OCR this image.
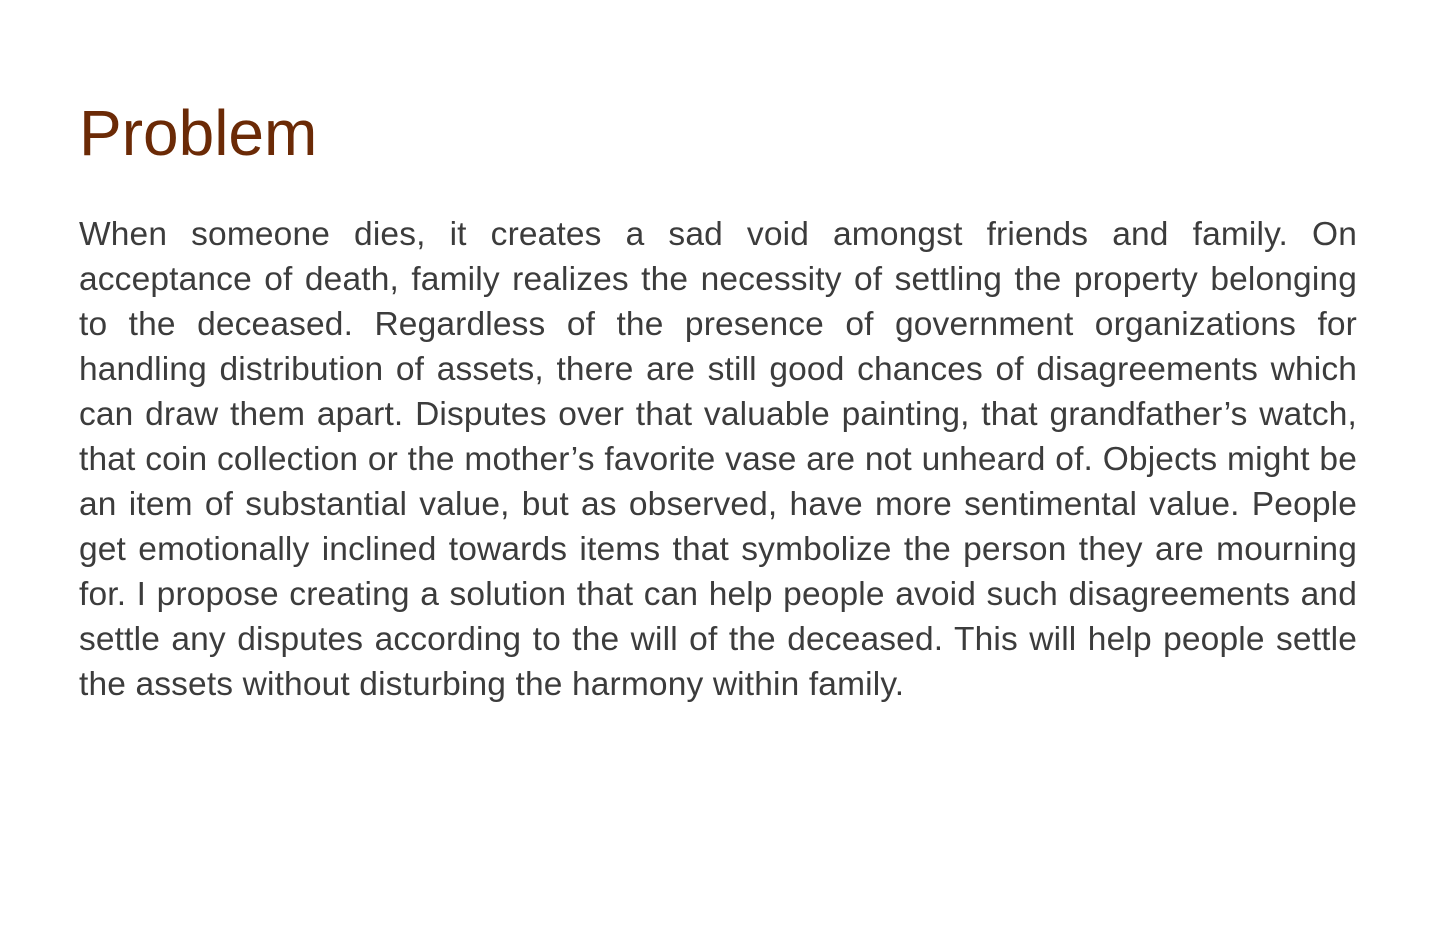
Problem

When someone dies, it creates a sad void amongst friends and family. On acceptance of death, family realizes the necessity of settling the property belonging to the deceased. Regardless of the presence of government organizations for handling distribution of assets, there are still good chances of disagreements which can draw them apart. Disputes over that valuable painting, that grandfather’s watch, that coin collection or the mother’s favorite vase are not unheard of. Objects might be an item of substantial value, but as observed, have more sentimental value. People get emotionally inclined towards items that symbolize the person they are mourning for. I propose creating a solution that can help people avoid such disagreements and settle any disputes according to the will of the deceased. This will help people settle the assets without disturbing the harmony within family.
